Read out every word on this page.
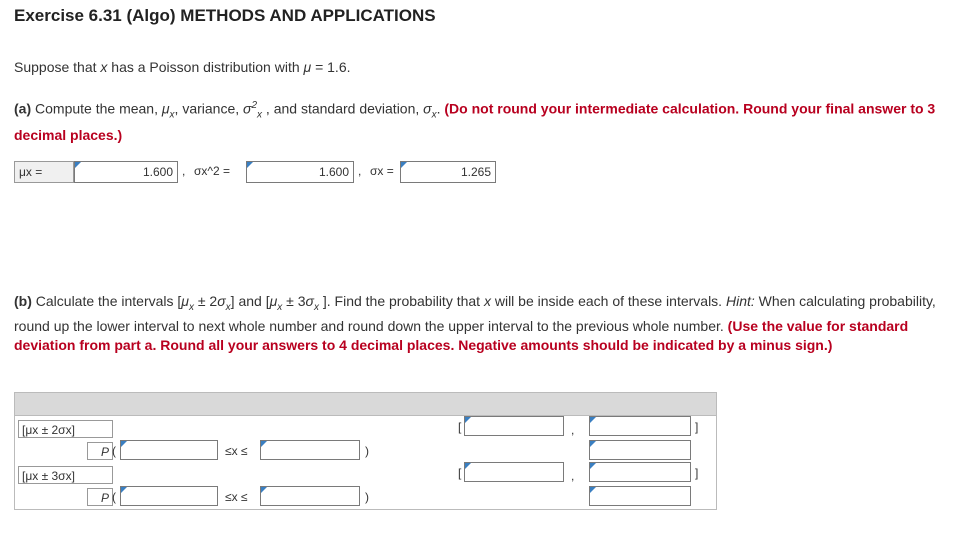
Exercise 6.31 (Algo) METHODS AND APPLICATIONS
Suppose that x has a Poisson distribution with μ = 1.6.
(a) Compute the mean, $\mu_x$, variance, $\sigma^2_x$ , and standard deviation, $\sigma_x$. (Do not round your intermediate calculation. Round your final answer to 3 decimal places.)
μx =	1.600 , σx^2 =	1.600 , σx =	1.265
(b) Calculate the intervals $[\mu_x \pm 2\sigma_x]$ and [$\mu_x \pm 3\sigma_x$ ]. Find the probability that x will be inside each of these intervals. Hint: When calculating probability, round up the lower interval to next whole number and round down the upper interval to the previous whole number. (Use the value for standard deviation from part a. Round all your answers to 4 decimal places. Negative amounts should be indicated by a minus sign.)
[μx ± 2σx]	[	,	]
P (	≤x ≤	)
[μx ± 3σx]	[	,	]
P (	≤x ≤	)
